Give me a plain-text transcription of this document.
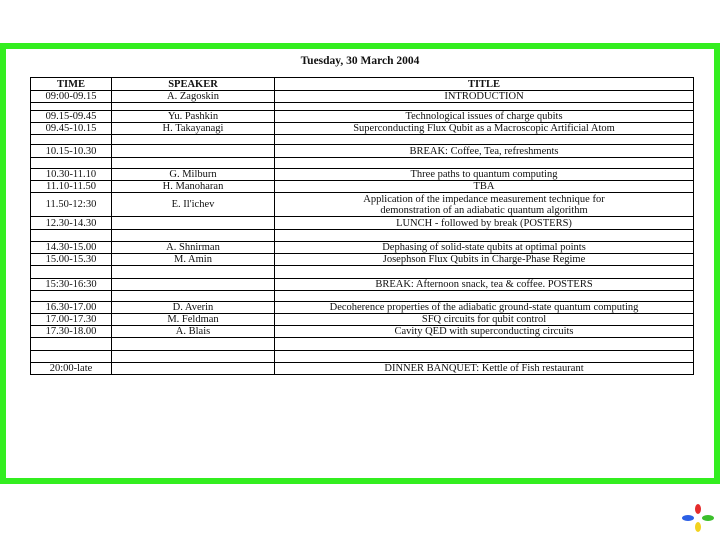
Tuesday, 30 March 2004
TIME	SPEAKER	TITLE
09:00-09.15	A. Zagoskin	INTRODUCTION

09.15-09.45	Yu. Pashkin	Technological issues of charge qubits
09.45-10.15	H. Takayanagi	Superconducting Flux Qubit as a Macroscopic Artificial Atom

10.15-10.30		BREAK: Coffee, Tea, refreshments

10.30-11.10	G. Milburn	Three paths to quantum computing
11.10-11.50	H. Manoharan	TBA
11.50-12:30	E. Il'ichev	Application of the impedance measurement technique for
demonstration of an adiabatic quantum algorithm

12.30-14.30		LUNCH - followed by break (POSTERS)

14.30-15.00	A. Shnirman	Dephasing of solid-state qubits at optimal points
15.00-15.30	M. Amin	Josephson Flux Qubits in Charge-Phase Regime

15:30-16:30		BREAK: Afternoon snack, tea & coffee. POSTERS

16.30-17.00	D. Averin	Decoherence properties of the adiabatic ground-state quantum computing
17.00-17.30	M. Feldman	SFQ circuits for qubit control
17.30-18.00	A. Blais	Cavity QED with superconducting circuits

20:00-late		DINNER BANQUET: Kettle of Fish restaurant
